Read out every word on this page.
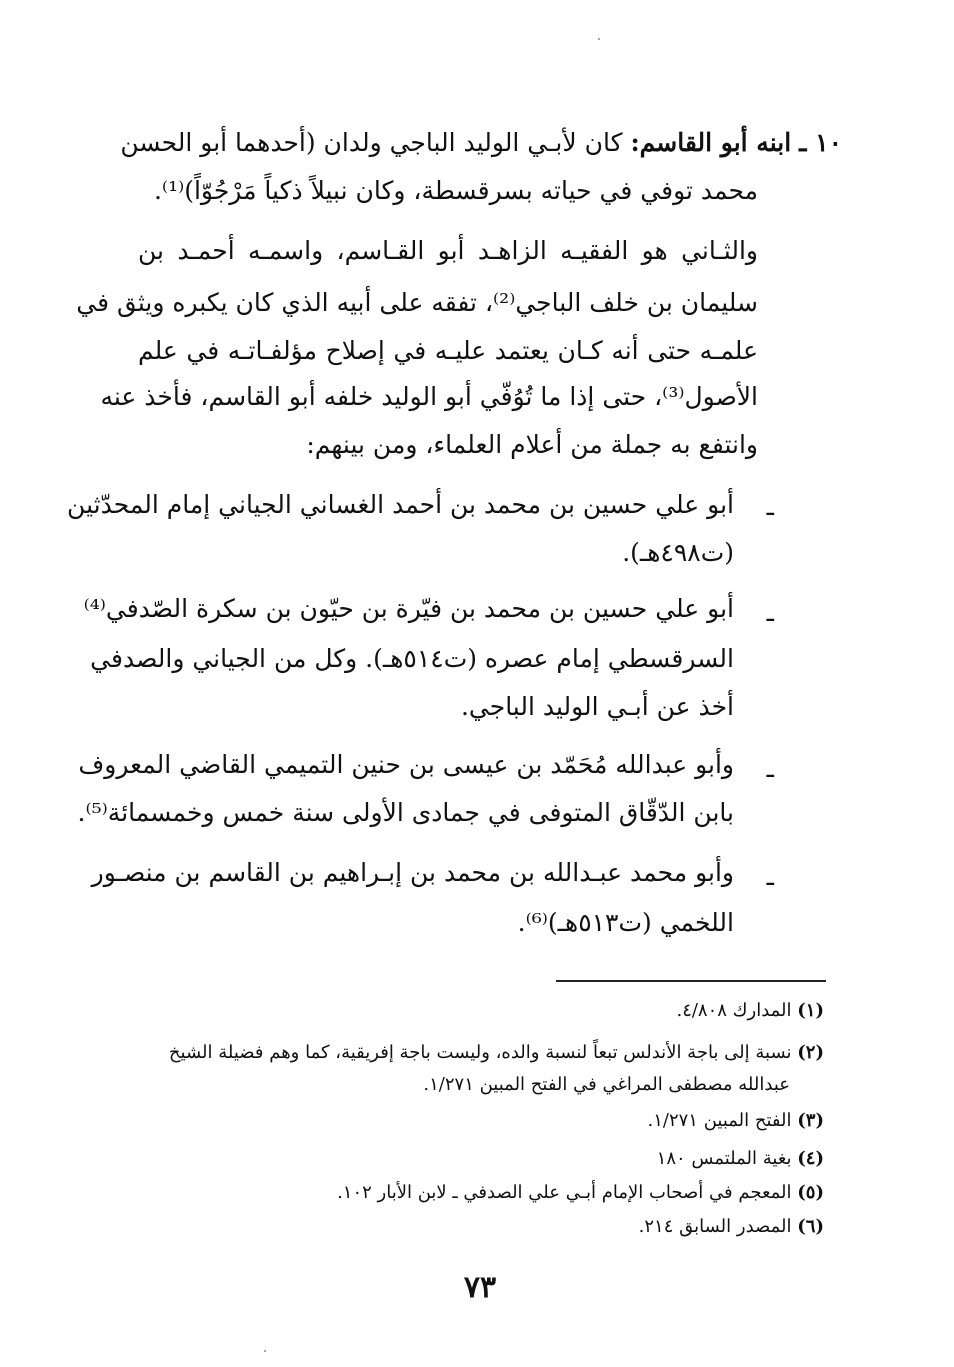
١٠ ـ ابنه أبو القاسم: كان لأبـي الوليد الباجي ولدان (أحدهما أبو الحسن
محمد توفي في حياته بسرقسطة، وكان نبيلاً ذكياً مَرْجُوّاً)⁽¹⁾.
والثـاني هو الفقيـه الزاهـد أبو القـاسم، واسمـه أحمـد بن
سليمان بن خلف الباجي⁽²⁾، تفقه على أبيه الذي كان يكبره ويثق في
علمـه حتى أنه كـان يعتمد عليـه في إصلاح مؤلفـاتـه في علم
الأصول⁽³⁾، حتى إذا ما تُوُفّي أبو الوليد خلفه أبو القاسم، فأخذ عنه
وانتفع به جملة من أعلام العلماء، ومن بينهم:
ـ
أبو علي حسين بن محمد بن أحمد الغساني الجياني إمام المحدّثين
(ت٤٩٨هـ).
ـ
أبو علي حسين بن محمد بن فيّرة بن حيّون بن سكرة الصّدفي⁽⁴⁾
السرقسطي إمام عصره (ت٥١٤هـ). وكل من الجياني والصدفي
أخذ عن أبـي الوليد الباجي.
ـ
وأبو عبدالله مُحَمّد بن عيسى بن حنين التميمي القاضي المعروف
بابن الدّقّاق المتوفى في جمادى الأولى سنة خمس وخمسمائة⁽⁵⁾.
ـ
وأبو محمد عبـدالله بن محمد بن إبـراهيم بن القاسم بن منصـور
اللخمي (ت٥١٣هـ)⁽⁶⁾.
(١) المدارك ٤/٨٠٨.
(٢) نسبة إلى باجة الأندلس تبعاً لنسبة والده، وليست باجة إفريقية، كما وهم فضيلة الشيخ
عبدالله مصطفى المراغي في الفتح المبين ١/٢٧١.
(٣) الفتح المبين ١/٢٧١.
(٤) بغية الملتمس ١٨٠
(٥) المعجم في أصحاب الإمام أبـي علي الصدفي ـ لابن الأبار ١٠٢.
(٦) المصدر السابق ٢١٤.
٧٣
